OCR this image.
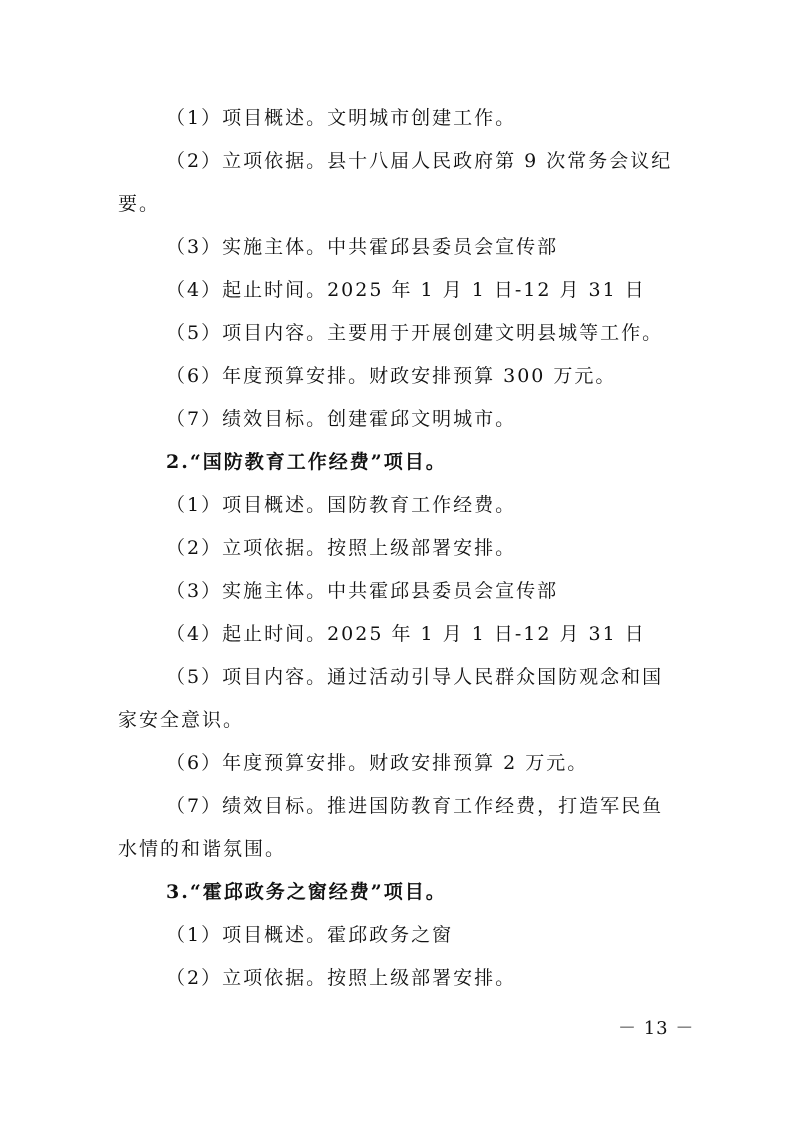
（1）项目概述。文明城市创建工作。
（2）立项依据。县十八届人民政府第 9 次常务会议纪
要。
（3）实施主体。中共霍邱县委员会宣传部
（4）起止时间。2025 年 1 月 1 日-12 月 31 日
（5）项目内容。主要用于开展创建文明县城等工作。
（6）年度预算安排。财政安排预算 300 万元。
（7）绩效目标。创建霍邱文明城市。
2.“国防教育工作经费”项目。
（1）项目概述。国防教育工作经费。
（2）立项依据。按照上级部署安排。
（3）实施主体。中共霍邱县委员会宣传部
（4）起止时间。2025 年 1 月 1 日-12 月 31 日
（5）项目内容。通过活动引导人民群众国防观念和国
家安全意识。
（6）年度预算安排。财政安排预算 2 万元。
（7）绩效目标。推进国防教育工作经费，打造军民鱼
水情的和谐氛围。
3.“霍邱政务之窗经费”项目。
（1）项目概述。霍邱政务之窗
（2）立项依据。按照上级部署安排。
－ 13 －
